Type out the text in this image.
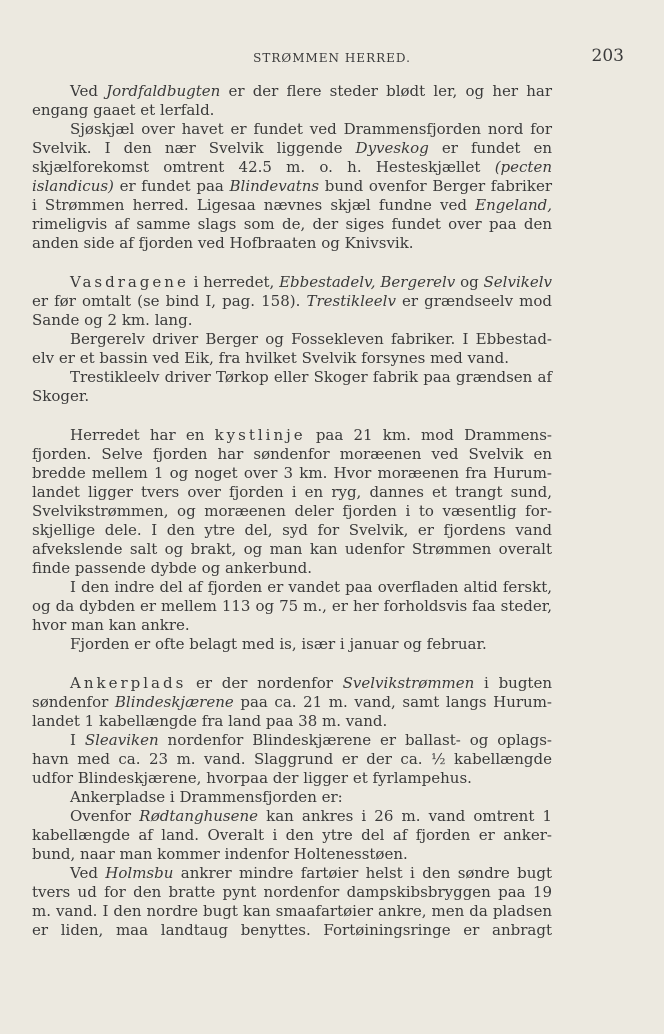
STRØMMEN HERRED.	203

Ved Jordfaldbugten er der flere steder blødt ler, og her har engang gaaet et lerfald.

Sjøskjæl over havet er fundet ved Drammensfjorden nord for Svelvik. I den nær Svelvik liggende Dyveskog er fundet en skjælforekomst omtrent 42.5 m. o. h. Hesteskjællet (pecten islandicus) er fundet paa Blindevatns bund ovenfor Berger fabriker i Strømmen herred. Ligesaa nævnes skjæl fundne ved Engeland, rimeligvis af samme slags som de, der siges fundet over paa den anden side af fjorden ved Hofbraaten og Knivsvik.

Vasdragene i herredet, Ebbestadelv, Bergerelv og Selvikelv er før omtalt (se bind I, pag. 158). Trestikleelv er grændseelv mod Sande og 2 km. lang.

Bergerelv driver Berger og Fossekleven fabriker. I Ebbestad-elv er et bassin ved Eik, fra hvilket Svelvik forsynes med vand.

Trestikleelv driver Tørkop eller Skoger fabrik paa grændsen af Skoger.

Herredet har en kystlinje paa 21 km. mod Drammens-fjorden. Selve fjorden har søndenfor moræenen ved Svelvik en bredde mellem 1 og noget over 3 km. Hvor moræenen fra Hurum-landet ligger tvers over fjorden i en ryg, dannes et trangt sund, Svelvikstrømmen, og moræenen deler fjorden i to væsentlig for-skjellige dele. I den ytre del, syd for Svelvik, er fjordens vand afvekslende salt og brakt, og man kan udenfor Strømmen overalt finde passende dybde og ankerbund.

I den indre del af fjorden er vandet paa overfladen altid ferskt, og da dybden er mellem 113 og 75 m., er her forholdsvis faa steder, hvor man kan ankre.

Fjorden er ofte belagt med is, især i januar og februar.

Ankerplads er der nordenfor Svelvikstrømmen i bugten søndenfor Blindeskjærene paa ca. 21 m. vand, samt langs Hurum-landet 1 kabellængde fra land paa 38 m. vand.

I Sleaviken nordenfor Blindeskjærene er ballast- og oplags-havn med ca. 23 m. vand. Slaggrund er der ca. ½ kabellængde udfor Blindeskjærene, hvorpaa der ligger et fyrlampehus.

Ankerpladse i Drammensfjorden er:

Ovenfor Rødtanghusene kan ankres i 26 m. vand omtrent 1 kabellængde af land. Overalt i den ytre del af fjorden er anker-bund, naar man kommer indenfor Holtenesstøen.

Ved Holmsbu ankrer mindre fartøier helst i den søndre bugt tvers ud for den bratte pynt nordenfor dampskibsbryggen paa 19 m. vand. I den nordre bugt kan smaafartøier ankre, men da pladsen er liden, maa landtaug benyttes. Fortøiningsringe er anbragt
